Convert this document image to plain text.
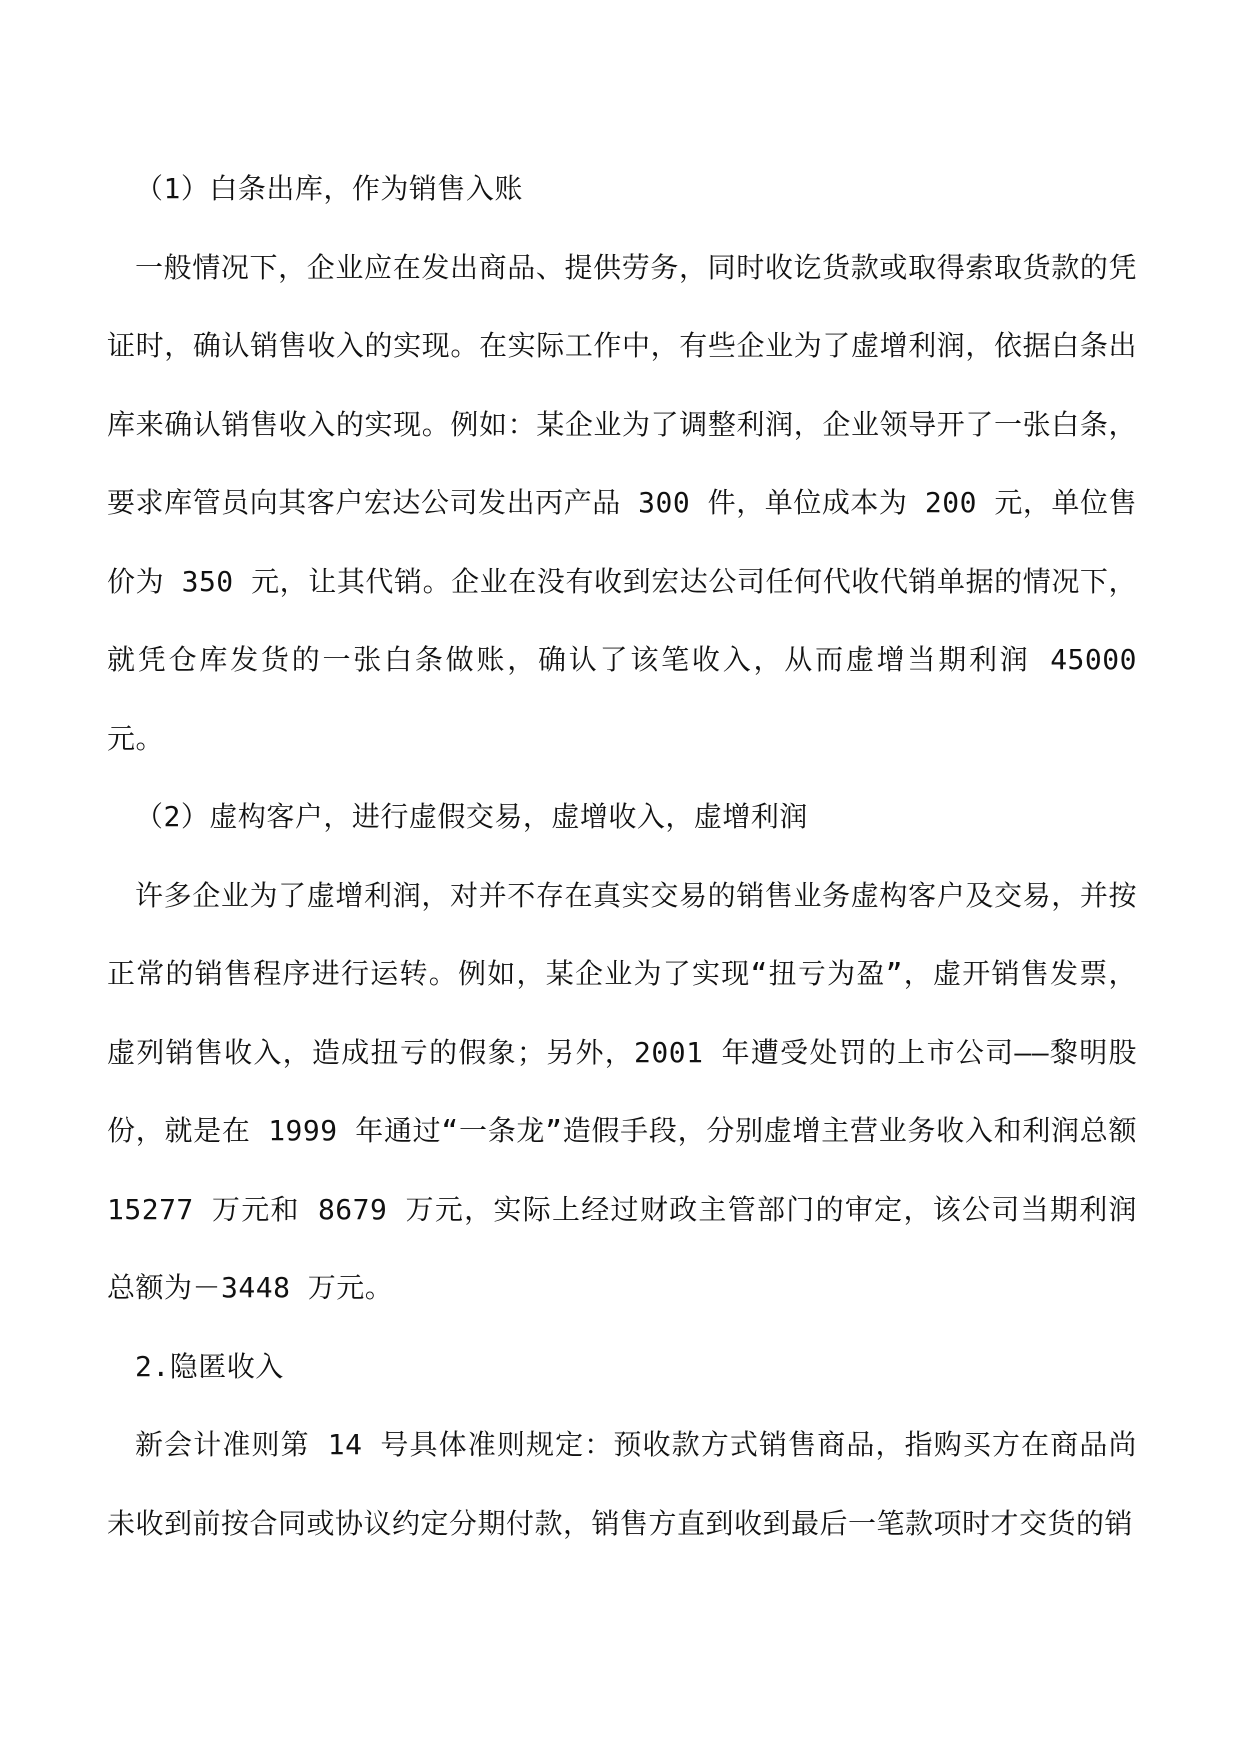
（1）白条出库，作为销售入账

一般情况下，企业应在发出商品、提供劳务，同时收讫货款或取得索取货款的凭证时，确认销售收入的实现。在实际工作中，有些企业为了虚增利润，依据白条出库来确认销售收入的实现。例如：某企业为了调整利润，企业领导开了一张白条，要求库管员向其客户宏达公司发出丙产品 300 件，单位成本为 200 元，单位售价为 350 元，让其代销。企业在没有收到宏达公司任何代收代销单据的情况下，就凭仓库发货的一张白条做账，确认了该笔收入，从而虚增当期利润 45000 元。

（2）虚构客户，进行虚假交易，虚增收入，虚增利润

许多企业为了虚增利润，对并不存在真实交易的销售业务虚构客户及交易，并按正常的销售程序进行运转。例如，某企业为了实现“扭亏为盈”，虚开销售发票，虚列销售收入，造成扭亏的假象；另外，2001 年遭受处罚的上市公司——黎明股份，就是在 1999 年通过“一条龙”造假手段，分别虚增主营业务收入和利润总额 15277 万元和 8679 万元，实际上经过财政主管部门的审定，该公司当期利润总额为－3448 万元。

2.隐匿收入

新会计准则第 14 号具体准则规定：预收款方式销售商品，指购买方在商品尚未收到前按合同或协议约定分期付款，销售方直到收到最后一笔款项时才交货的销
